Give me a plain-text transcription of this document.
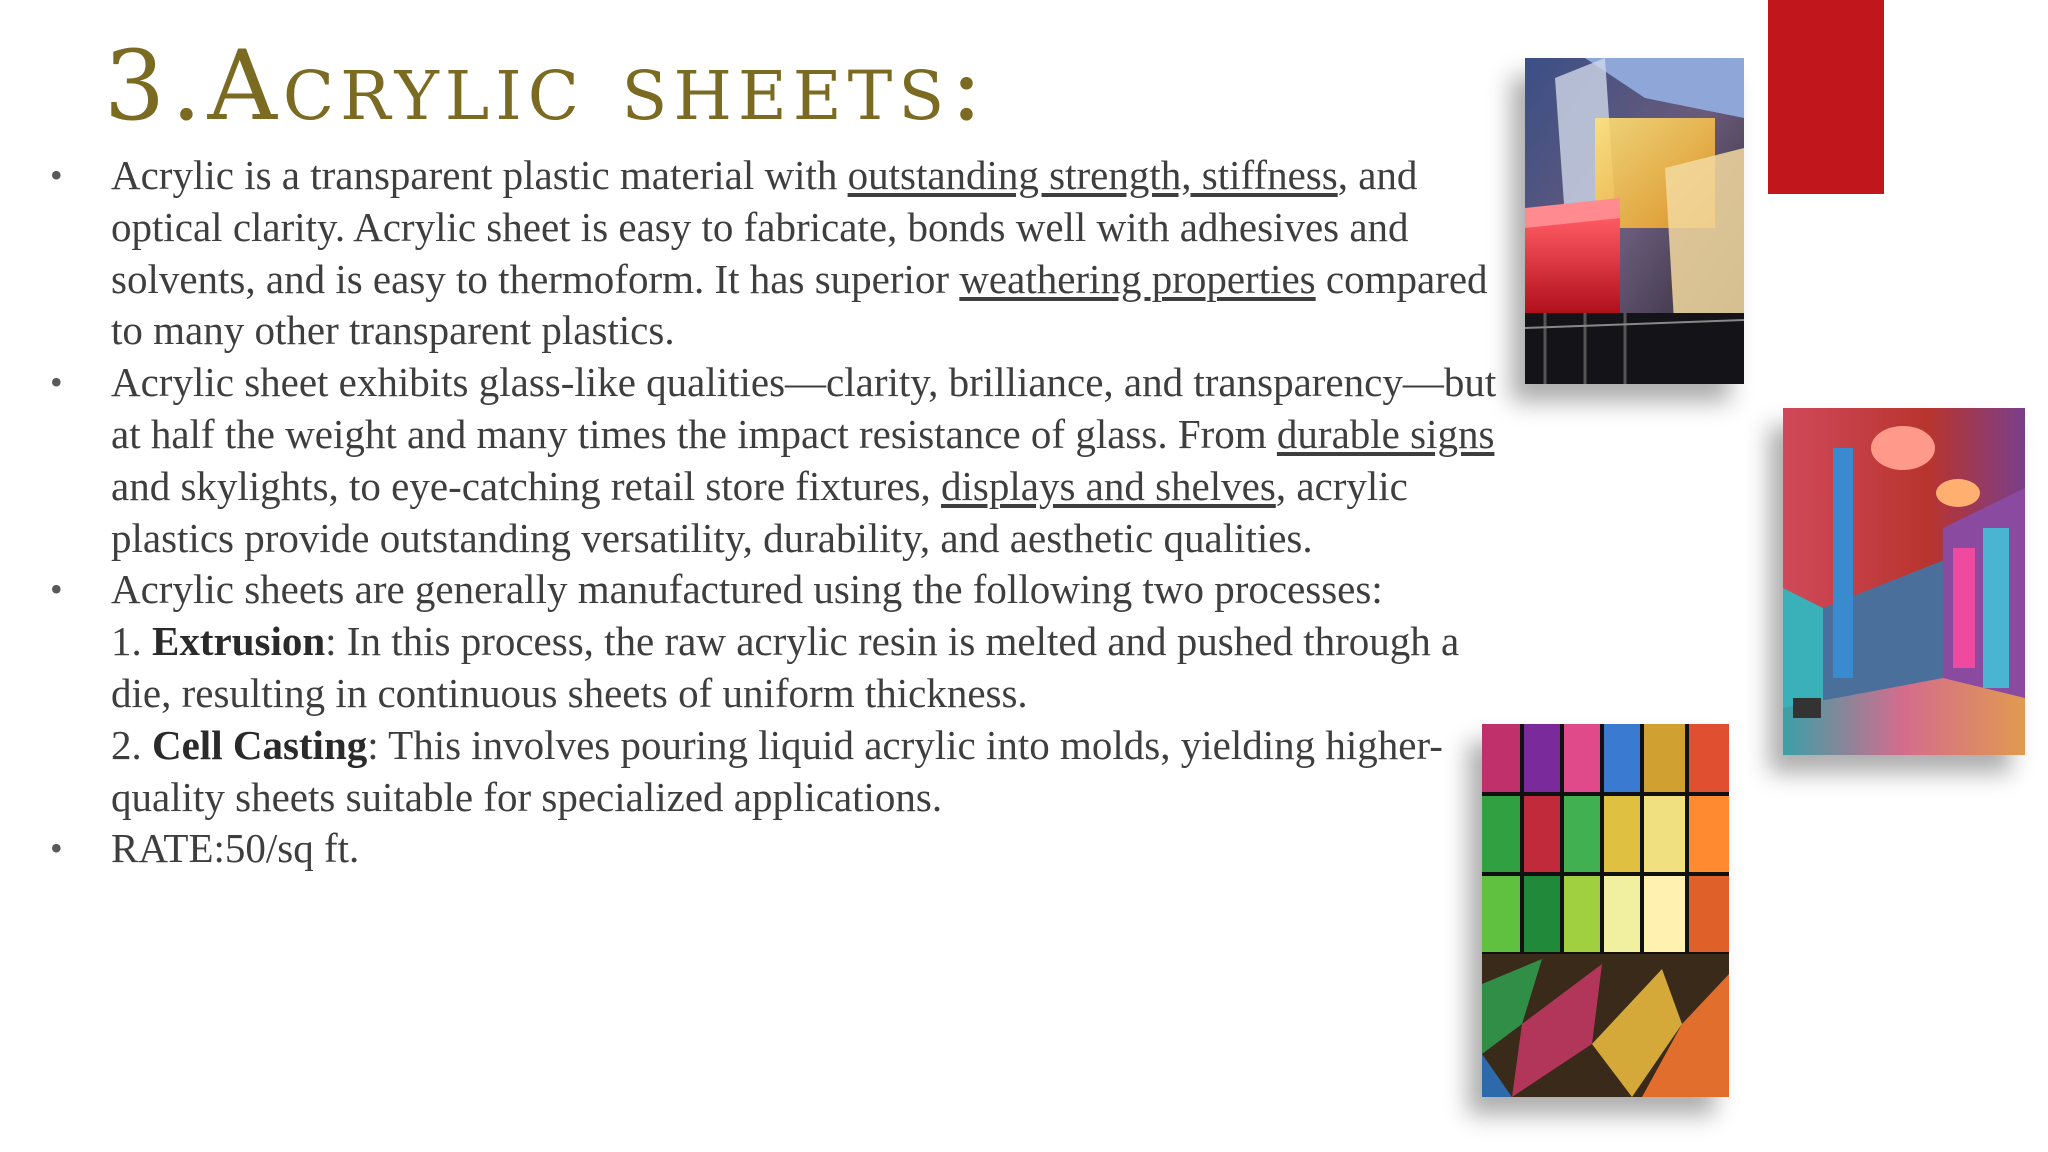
3.Acrylic sheets:
• Acrylic is a transparent plastic material with outstanding strength, stiffness, and optical clarity. Acrylic sheet is easy to fabricate, bonds well with adhesives and solvents, and is easy to thermoform. It has superior weathering properties compared to many other transparent plastics.
• Acrylic sheet exhibits glass-like qualities—clarity, brilliance, and transparency—but at half the weight and many times the impact resistance of glass. From durable signs and skylights, to eye-catching retail store fixtures, displays and shelves, acrylic plastics provide outstanding versatility, durability, and aesthetic qualities.
• Acrylic sheets are generally manufactured using the following two processes:
1. Extrusion: In this process, the raw acrylic resin is melted and pushed through a die, resulting in continuous sheets of uniform thickness.
2. Cell Casting: This involves pouring liquid acrylic into molds, yielding higher-quality sheets suitable for specialized applications.
• RATE:50/sq ft.
